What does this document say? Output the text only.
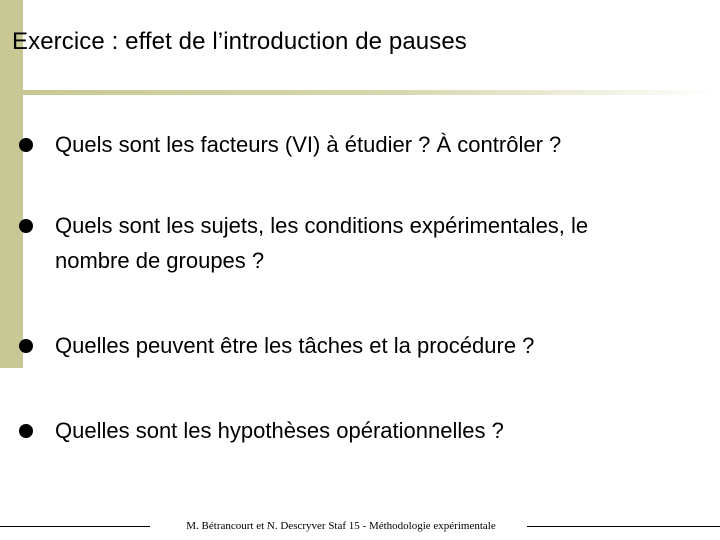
Exercice : effet de l’introduction de pauses
Quels sont les facteurs (VI) à étudier ? À contrôler ?
Quels sont les sujets, les conditions expérimentales, le nombre de groupes ?
Quelles peuvent être les tâches et la procédure ?
Quelles sont les hypothèses opérationnelles ?
M. Bétrancourt et N. Descryver Staf 15 - Méthodologie expérimentale
